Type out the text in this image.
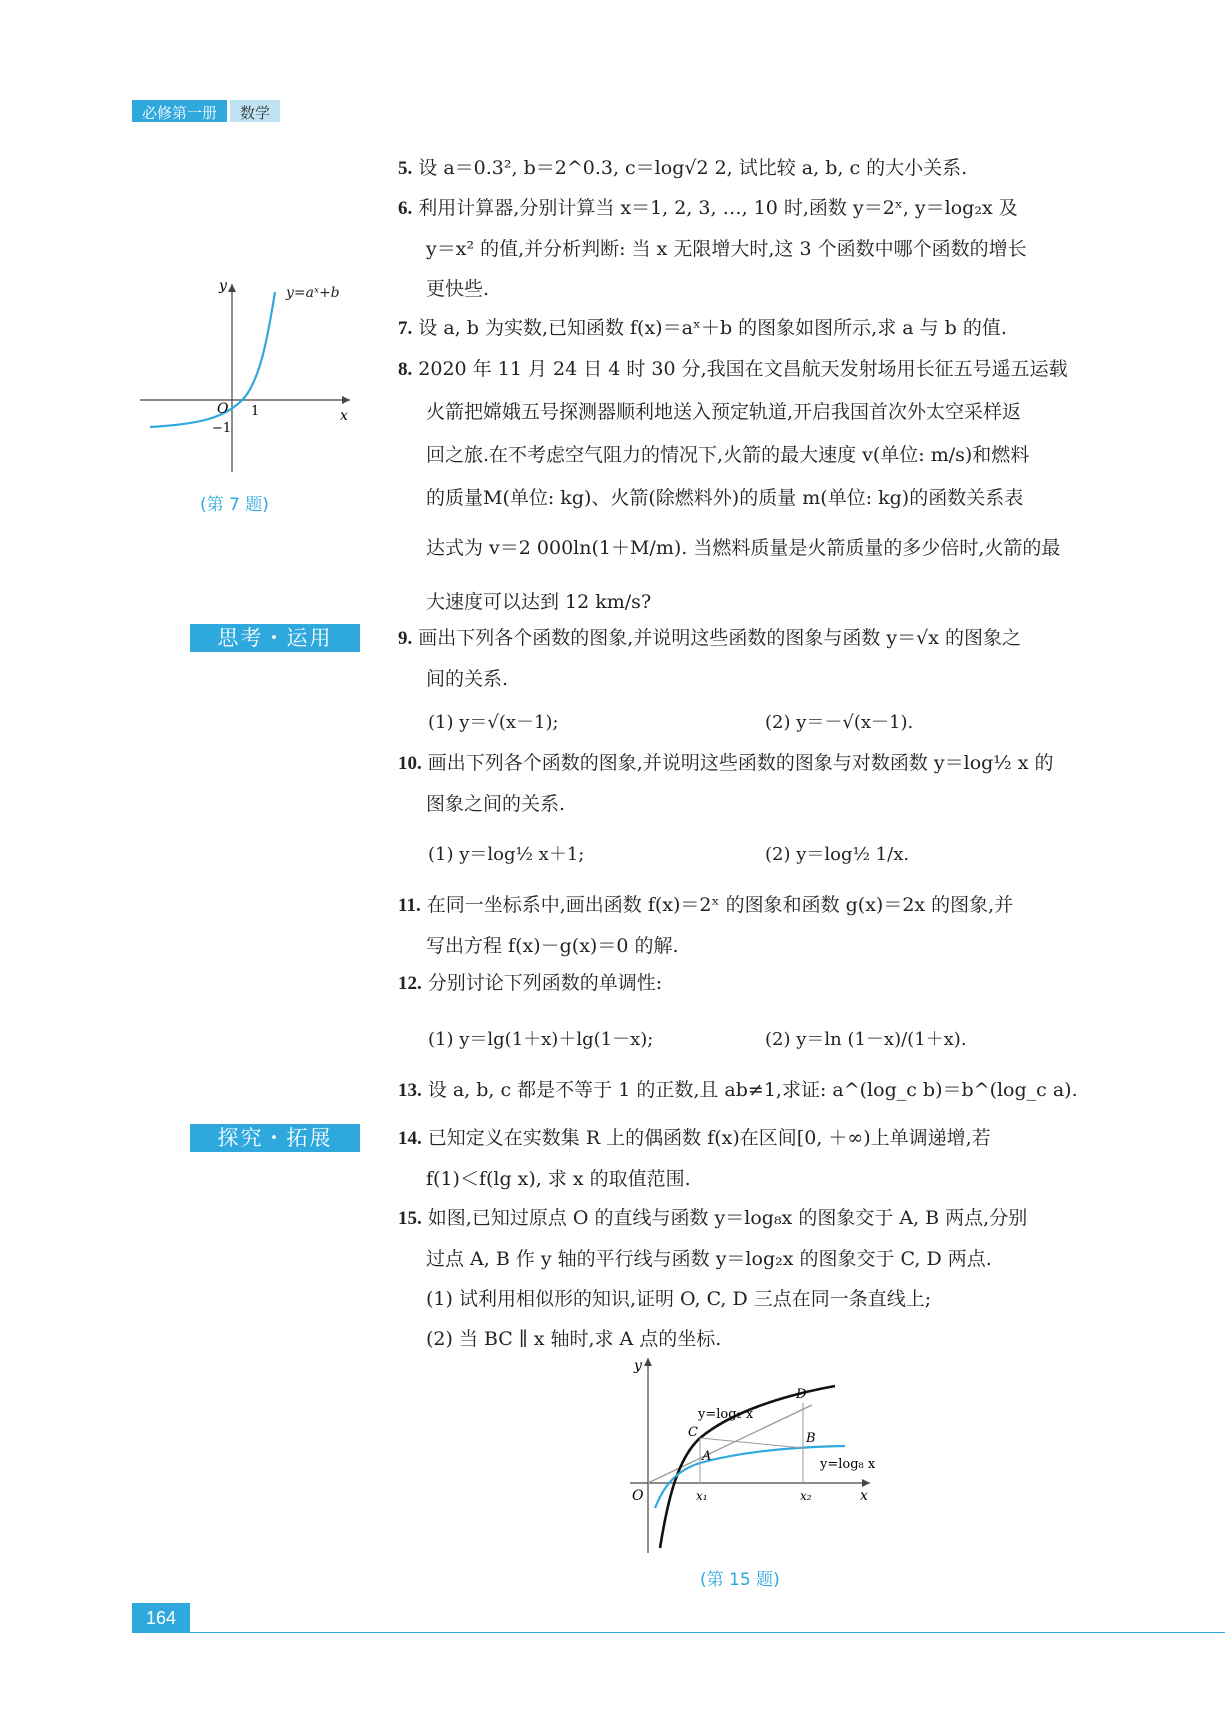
必修第一册	数学
5. 设 a＝0.3², b＝2^0.3, c＝log√2 2, 试比较 a, b, c 的大小关系.
6. 利用计算器,分别计算当 x＝1, 2, 3, …, 10 时,函数 y＝2ˣ, y＝log₂x 及
y＝x² 的值,并分析判断: 当 x 无限增大时,这 3 个函数中哪个函数的增长
更快些.
7. 设 a, b 为实数,已知函数 f(x)＝aˣ＋b 的图象如图所示,求 a 与 b 的值.
8. 2020 年 11 月 24 日 4 时 30 分,我国在文昌航天发射场用长征五号遥五运载
火箭把嫦娥五号探测器顺利地送入预定轨道,开启我国首次外太空采样返
回之旅.在不考虑空气阻力的情况下,火箭的最大速度 v(单位: m/s)和燃料
的质量M(单位: kg)、火箭(除燃料外)的质量 m(单位: kg)的函数关系表
达式为 v＝2 000ln(1＋M/m). 当燃料质量是火箭质量的多少倍时,火箭的最
大速度可以达到 12 km/s?
y=aˣ+b
y
x
O 1
−1
(第 7 题)
思考・运用	9. 画出下列各个函数的图象,并说明这些函数的图象与函数 y＝√x 的图象之
间的关系.
(1) y＝√(x－1);	(2) y＝－√(x－1).
10. 画出下列各个函数的图象,并说明这些函数的图象与对数函数 y＝log½ x 的
图象之间的关系.
(1) y＝log½ x＋1;	(2) y＝log½ 1/x.
11. 在同一坐标系中,画出函数 f(x)＝2ˣ 的图象和函数 g(x)＝2x 的图象,并
写出方程 f(x)－g(x)＝0 的解.
12. 分别讨论下列函数的单调性:
(1) y＝lg(1＋x)＋lg(1－x);	(2) y＝ln (1－x)/(1＋x).
13. 设 a, b, c 都是不等于 1 的正数,且 ab≠1,求证: a^(log_c b)＝b^(log_c a).
探究・拓展	14. 已知定义在实数集 R 上的偶函数 f(x)在区间[0, ＋∞)上单调递增,若
f(1)＜f(lg x), 求 x 的取值范围.
15. 如图,已知过原点 O 的直线与函数 y＝log₈x 的图象交于 A, B 两点,分别
过点 A, B 作 y 轴的平行线与函数 y＝log₂x 的图象交于 C, D 两点.
(1) 试利用相似形的知识,证明 O, C, D 三点在同一条直线上;
(2) 当 BC ∥ x 轴时,求 A 点的坐标.
y
x
O	x₁	x₂
D
C
A
B
y=log₂ x
y=log₈ x
(第 15 题)
164
